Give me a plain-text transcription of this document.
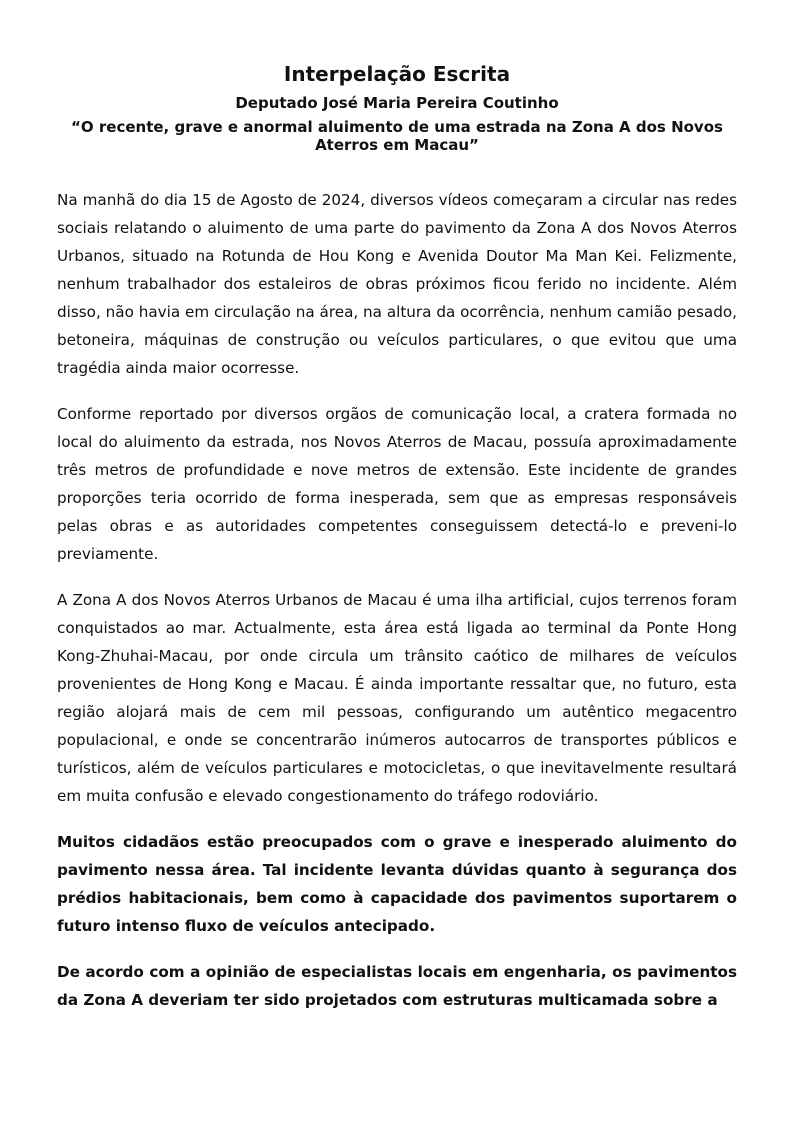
Interpelação Escrita
Deputado José Maria Pereira Coutinho
“O recente, grave e anormal aluimento de uma estrada na Zona A dos Novos Aterros em Macau”

Na manhã do dia 15 de Agosto de 2024, diversos vídeos começaram a circular nas redes sociais relatando o aluimento de uma parte do pavimento da Zona A dos Novos Aterros Urbanos, situado na Rotunda de Hou Kong e Avenida Doutor Ma Man Kei. Felizmente, nenhum trabalhador dos estaleiros de obras próximos ficou ferido no incidente. Além disso, não havia em circulação na área, na altura da ocorrência, nenhum camião pesado, betoneira, máquinas de construção ou veículos particulares, o que evitou que uma tragédia ainda maior ocorresse.

Conforme reportado por diversos orgãos de comunicação local, a cratera formada no local do aluimento da estrada, nos Novos Aterros de Macau, possuía aproximadamente três metros de profundidade e nove metros de extensão. Este incidente de grandes proporções teria ocorrido de forma inesperada, sem que as empresas responsáveis pelas obras e as autoridades competentes conseguissem detectá-lo e preveni-lo previamente.

A Zona A dos Novos Aterros Urbanos de Macau é uma ilha artificial, cujos terrenos foram conquistados ao mar. Actualmente, esta área está ligada ao terminal da Ponte Hong Kong-Zhuhai-Macau, por onde circula um trânsito caótico de milhares de veículos provenientes de Hong Kong e Macau. É ainda importante ressaltar que, no futuro, esta região alojará mais de cem mil pessoas, configurando um autêntico megacentro populacional, e onde se concentrarão inúmeros autocarros de transportes públicos e turísticos, além de veículos particulares e motocicletas, o que inevitavelmente resultará em muita confusão e elevado congestionamento do tráfego rodoviário.

Muitos cidadãos estão preocupados com o grave e inesperado aluimento do pavimento nessa área. Tal incidente levanta dúvidas quanto à segurança dos prédios habitacionais, bem como à capacidade dos pavimentos suportarem o futuro intenso fluxo de veículos antecipado.

De acordo com a opinião de especialistas locais em engenharia, os pavimentos da Zona A deveriam ter sido projetados com estruturas multicamada sobre a
